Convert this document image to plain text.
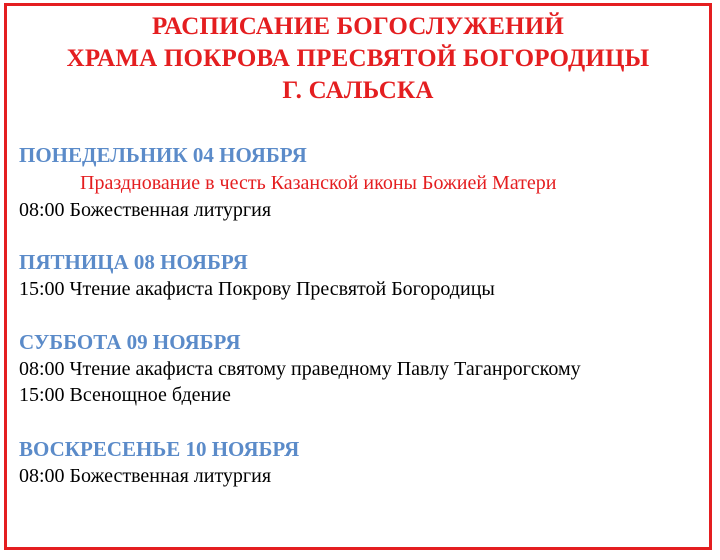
РАСПИСАНИЕ БОГОСЛУЖЕНИЙ
ХРАМА ПОКРОВА ПРЕСВЯТОЙ БОГОРОДИЦЫ
Г. САЛЬСКА
ПОНЕДЕЛЬНИК 04 НОЯБРЯ
Празднование в честь Казанской иконы Божией Матери
08:00 Божественная литургия
ПЯТНИЦА 08 НОЯБРЯ
15:00 Чтение акафиста Покрову Пресвятой Богородицы
СУББОТА 09 НОЯБРЯ
08:00 Чтение акафиста святому праведному Павлу Таганрогскому
15:00 Всенощное бдение
ВОСКРЕСЕНЬЕ 10 НОЯБРЯ
08:00 Божественная литургия
